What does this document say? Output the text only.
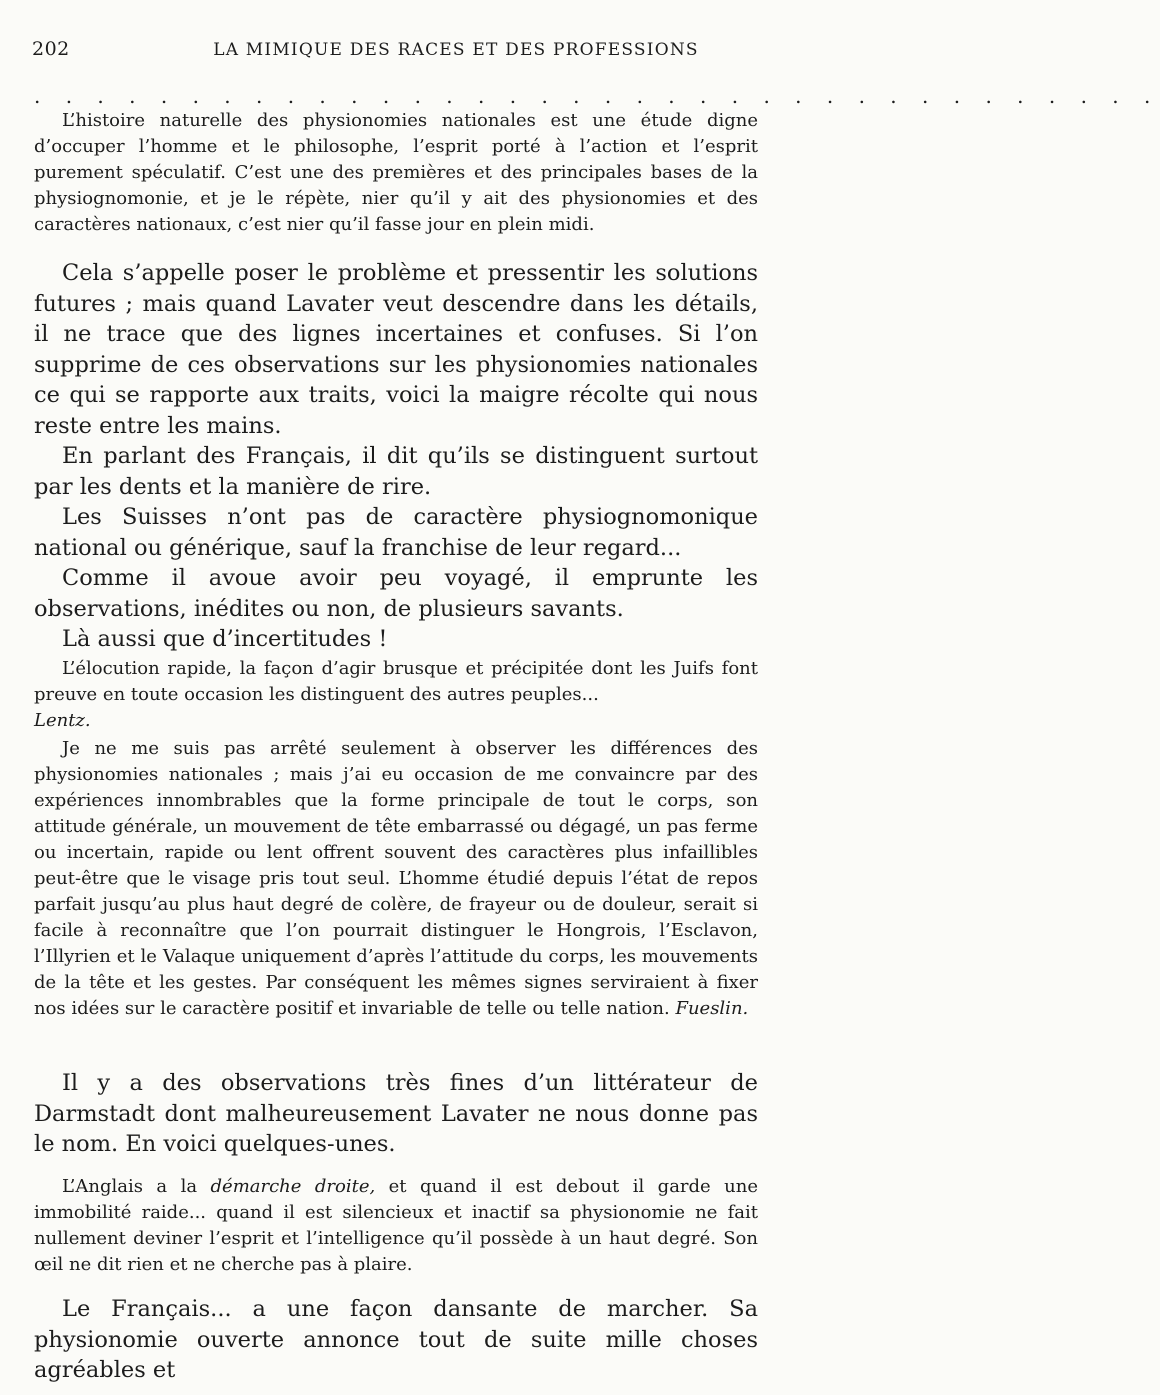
202	LA MIMIQUE DES RACES ET DES PROFESSIONS
. . . . . . . . . . . . . . . . . . . . . . . . . . . . . . . . . . . .

L’histoire naturelle des physionomies nationales est une étude digne d’occuper l’homme et le philosophe, l’esprit porté à l’action et l’esprit purement spéculatif. C’est une des premières et des principales bases de la physiognomonie, et je le répète, nier qu’il y ait des physionomies et des caractères nationaux, c’est nier qu’il fasse jour en plein midi.

Cela s’appelle poser le problème et pressentir les solutions futures ; mais quand Lavater veut descendre dans les détails, il ne trace que des lignes incertaines et confuses. Si l’on supprime de ces observations sur les physionomies nationales ce qui se rapporte aux traits, voici la maigre récolte qui nous reste entre les mains.

En parlant des Français, il dit qu’ils se distinguent surtout par les dents et la manière de rire.

Les Suisses n’ont pas de caractère physiognomonique national ou générique, sauf la franchise de leur regard...

Comme il avoue avoir peu voyagé, il emprunte les observations, inédites ou non, de plusieurs savants.

Là aussi que d’incertitudes !

L’élocution rapide, la façon d’agir brusque et précipitée dont les Juifs font preuve en toute occasion les distinguent des autres peuples...

Lentz.

Je ne me suis pas arrêté seulement à observer les différences des physionomies nationales ; mais j’ai eu occasion de me convaincre par des expériences innombrables que la forme principale de tout le corps, son attitude générale, un mouvement de tête embarrassé ou dégagé, un pas ferme ou incertain, rapide ou lent offrent souvent des caractères plus infaillibles peut-être que le visage pris tout seul. L’homme étudié depuis l’état de repos parfait jusqu’au plus haut degré de colère, de frayeur ou de douleur, serait si facile à reconnaître que l’on pourrait distinguer le Hongrois, l’Esclavon, l’Illyrien et le Valaque uniquement d’après l’attitude du corps, les mouvements de la tête et les gestes. Par conséquent les mêmes signes serviraient à fixer nos idées sur le caractère positif et invariable de telle ou telle nation. Fueslin.

Il y a des observations très fines d’un littérateur de Darmstadt dont malheureusement Lavater ne nous donne pas le nom. En voici quelques-unes.

L’Anglais a la démarche droite, et quand il est debout il garde une immobilité raide... quand il est silencieux et inactif sa physionomie ne fait nullement deviner l’esprit et l’intelligence qu’il possède à un haut degré. Son œil ne dit rien et ne cherche pas à plaire.

Le Français... a une façon dansante de marcher. Sa physionomie ouverte annonce tout de suite mille choses agréables et
